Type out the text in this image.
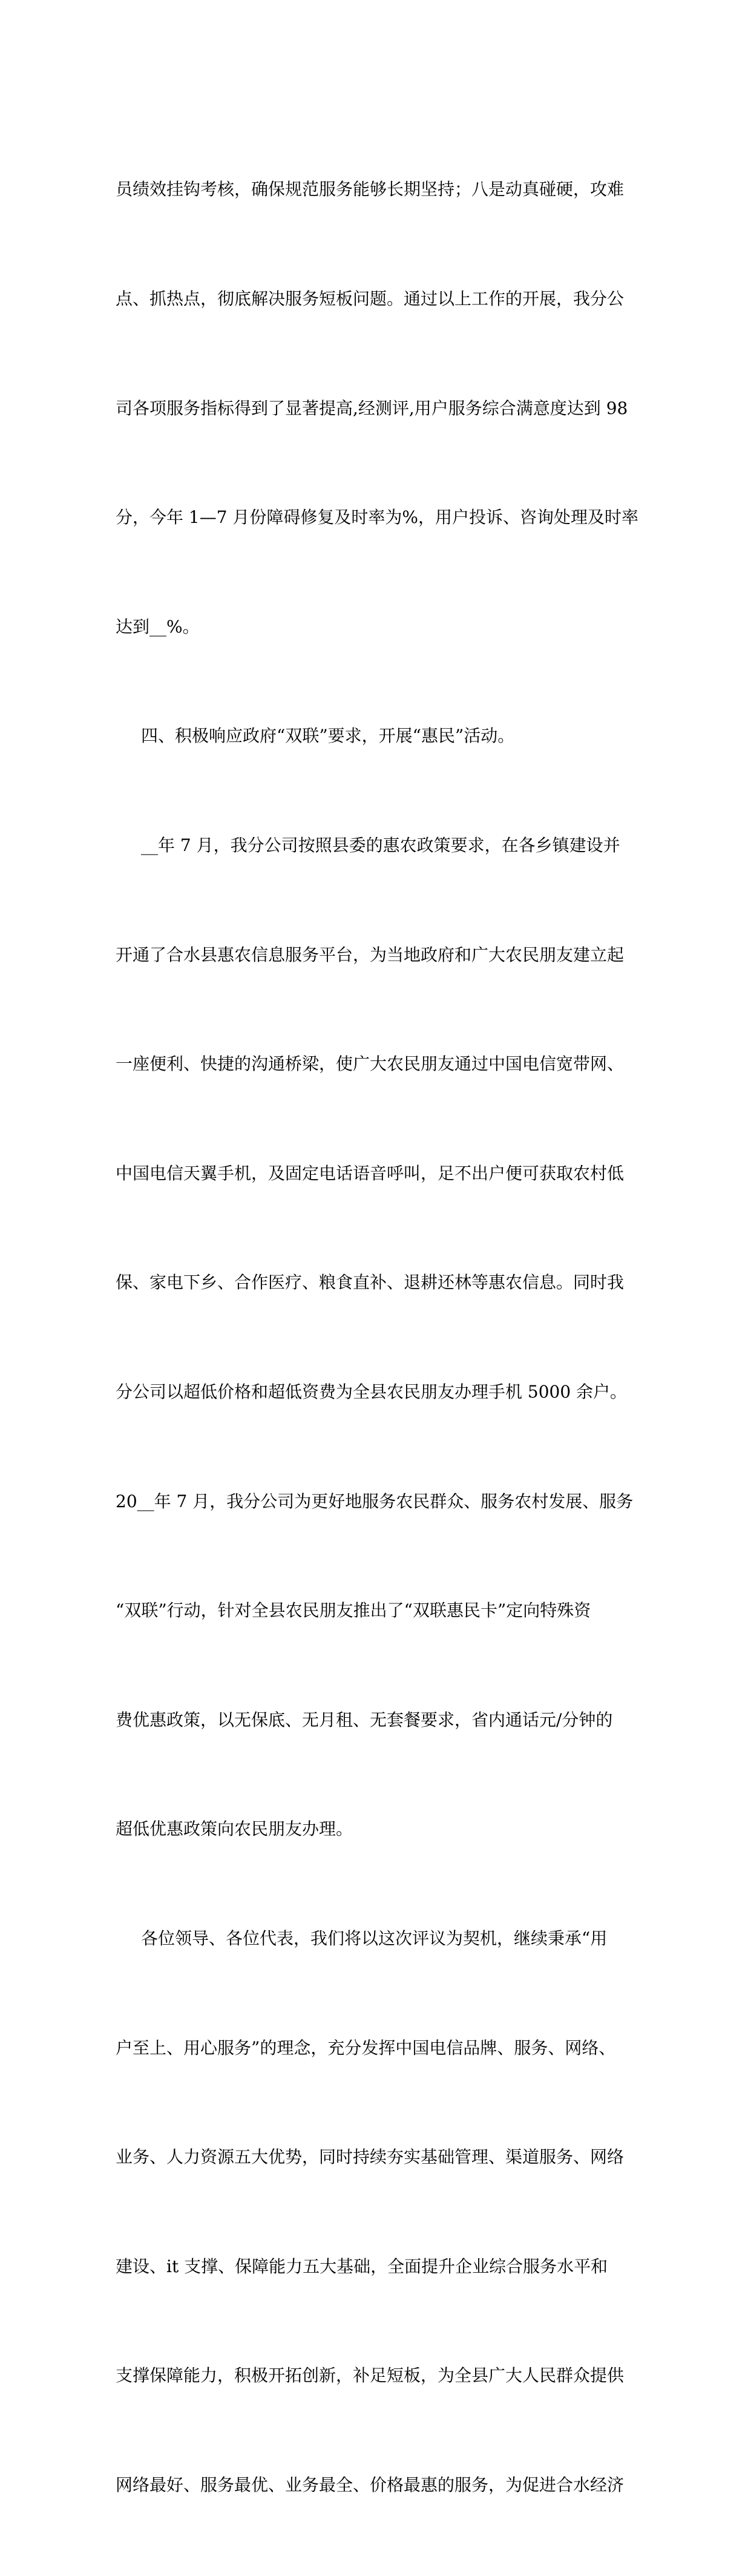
员绩效挂钩考核，确保规范服务能够长期坚持；八是动真碰硬，攻难

点、抓热点，彻底解决服务短板问题。通过以上工作的开展，我分公

司各项服务指标得到了显著提高,经测评,用户服务综合满意度达到 98

分，今年 1—7 月份障碍修复及时率为%，用户投诉、咨询处理及时率

达到__%。

四、积极响应政府“双联”要求，开展“惠民”活动。

__年 7 月，我分公司按照县委的惠农政策要求，在各乡镇建设并

开通了合水县惠农信息服务平台，为当地政府和广大农民朋友建立起

一座便利、快捷的沟通桥梁，使广大农民朋友通过中国电信宽带网、

中国电信天翼手机，及固定电话语音呼叫，足不出户便可获取农村低

保、家电下乡、合作医疗、粮食直补、退耕还林等惠农信息。同时我

分公司以超低价格和超低资费为全县农民朋友办理手机 5000 余户。

20__年 7 月，我分公司为更好地服务农民群众、服务农村发展、服务

“双联”行动，针对全县农民朋友推出了“双联惠民卡”定向特殊资

费优惠政策，以无保底、无月租、无套餐要求，省内通话元/分钟的

超低优惠政策向农民朋友办理。

各位领导、各位代表，我们将以这次评议为契机，继续秉承“用

户至上、用心服务”的理念，充分发挥中国电信品牌、服务、网络、

业务、人力资源五大优势，同时持续夯实基础管理、渠道服务、网络

建设、it 支撑、保障能力五大基础，全面提升企业综合服务水平和

支撑保障能力，积极开拓创新，补足短板，为全县广大人民群众提供

网络最好、服务最优、业务最全、价格最惠的服务，为促进合水经济
